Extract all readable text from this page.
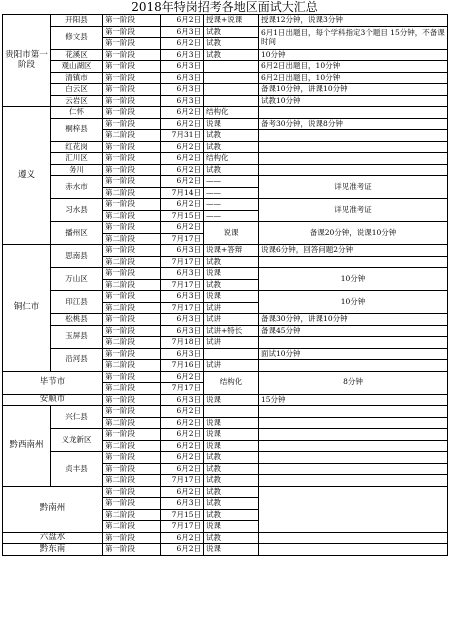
2018年特岗招考各地区面试大汇总
贵阳市第一阶段	开阳县	第一阶段	6月2日	授课+说课	授课12分钟，说课3分钟
	修文县	第一阶段	6月3日	试教	6月1日出题目，每个学科指定3个题目 15分钟，不备课时间
		第一阶段	6月2日	试教	
	花溪区	第一阶段	6月3日	试教	10分钟
	观山湖区	第一阶段	6月3日		6月2日出题目，10分钟
	清镇市	第一阶段	6月3日		6月2日出题目，10分钟
	白云区	第一阶段	6月3日		备课10分钟，讲课10分钟
	云岩区	第一阶段	6月3日		试教10分钟
遵义	仁怀	第一阶段	6月2日	结构化	
	桐梓县	第一阶段	6月2日	说课	备考30分钟，说课8分钟
		第二阶段	7月31日	试教	
	红花岗	第一阶段	6月2日	试教	
	汇川区	第一阶段	6月2日	结构化	
	务川	第一阶段	6月2日	试教	
	赤水市	第一阶段	6月2日	——	详见准考证
		第二阶段	7月14日	——	
	习水县	第一阶段	6月2日	——	详见准考证
		第二阶段	7月15日	——	
	播州区	第一阶段	6月2日	说课	备课20分钟，说课10分钟
		第二阶段	7月17日		
铜仁市	思南县	第一阶段	6月3日	说课+答辩	说课6分钟，回答问题2分钟
		第二阶段	7月17日	试教	
	万山区	第一阶段	6月3日	说课	10分钟
		第二阶段	7月17日	试教	
	印江县	第一阶段	6月3日	说课	10分钟
		第二阶段	7月17日	试讲	
	松桃县	第一阶段	6月3日	试讲	备课30分钟，讲课10分钟
	玉屏县	第一阶段	6月3日	试讲+特长	备课45分钟
		第二阶段	7月18日	试讲	
	沿河县	第一阶段	6月3日		面试10分钟
		第二阶段	7月16日	试讲	
毕节市		第一阶段	6月2日	结构化	8分钟
		第二阶段	7月17日		
安顺市		第一阶段	6月3日	说课	15分钟
黔西南州	兴仁县	第一阶段	6月2日		
		第二阶段	6月2日	说课	
	义龙新区	第一阶段	6月2日	说课	
		第二阶段	6月2日	说课	
	贞丰县	第一阶段	6月2日	试教	
		第一阶段	6月2日	试教	
		第二阶段	7月17日	试教	
黔南州		第一阶段	6月2日	试教	
		第一阶段	6月3日	试教	
		第二阶段	7月15日	试教	
		第二阶段	7月17日	说课	
六盘水		第一阶段	6月2日	试教	
黔东南		第一阶段	6月2日	说课	
